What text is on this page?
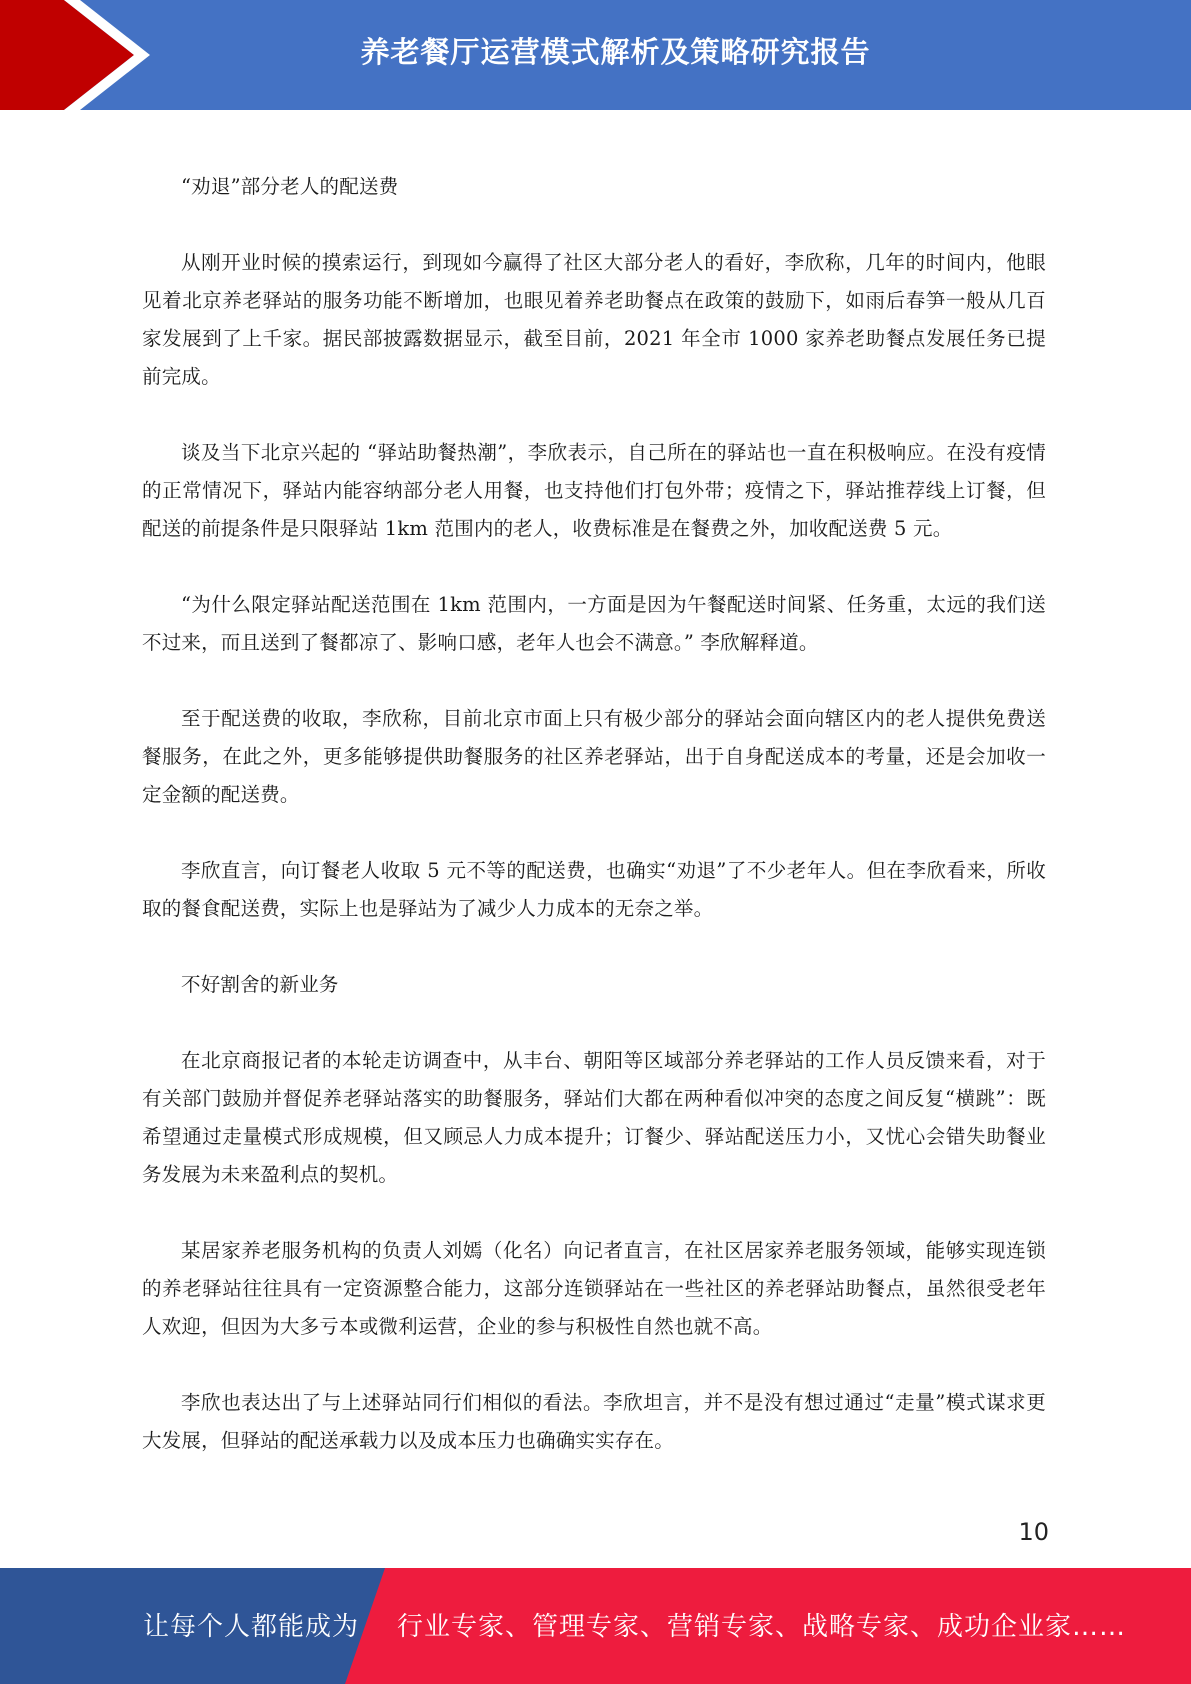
养老餐厅运营模式解析及策略研究报告

“劝退”部分老人的配送费

从刚开业时候的摸索运行，到现如今赢得了社区大部分老人的看好，李欣称，几年的时间内，他眼见着北京养老驿站的服务功能不断增加，也眼见着养老助餐点在政策的鼓励下，如雨后春笋一般从几百家发展到了上千家。据民部披露数据显示，截至目前，2021 年全市 1000 家养老助餐点发展任务已提前完成。

谈及当下北京兴起的 “驿站助餐热潮”，李欣表示，自己所在的驿站也一直在积极响应。在没有疫情的正常情况下，驿站内能容纳部分老人用餐，也支持他们打包外带；疫情之下，驿站推荐线上订餐，但配送的前提条件是只限驿站 1km 范围内的老人，收费标准是在餐费之外，加收配送费 5 元。

“为什么限定驿站配送范围在 1km 范围内，一方面是因为午餐配送时间紧、任务重，太远的我们送不过来，而且送到了餐都凉了、影响口感，老年人也会不满意。” 李欣解释道。

至于配送费的收取，李欣称，目前北京市面上只有极少部分的驿站会面向辖区内的老人提供免费送餐服务，在此之外，更多能够提供助餐服务的社区养老驿站，出于自身配送成本的考量，还是会加收一定金额的配送费。

李欣直言，向订餐老人收取 5 元不等的配送费，也确实“劝退”了不少老年人。但在李欣看来，所收取的餐食配送费，实际上也是驿站为了减少人力成本的无奈之举。

不好割舍的新业务

在北京商报记者的本轮走访调查中，从丰台、朝阳等区域部分养老驿站的工作人员反馈来看，对于有关部门鼓励并督促养老驿站落实的助餐服务，驿站们大都在两种看似冲突的态度之间反复“横跳”：既希望通过走量模式形成规模，但又顾忌人力成本提升；订餐少、驿站配送压力小，又忧心会错失助餐业务发展为未来盈利点的契机。

某居家养老服务机构的负责人刘嫣（化名）向记者直言，在社区居家养老服务领域，能够实现连锁的养老驿站往往具有一定资源整合能力，这部分连锁驿站在一些社区的养老驿站助餐点，虽然很受老年人欢迎，但因为大多亏本或微利运营，企业的参与积极性自然也就不高。

李欣也表达出了与上述驿站同行们相似的看法。李欣坦言，并不是没有想过通过“走量”模式谋求更大发展，但驿站的配送承载力以及成本压力也确确实实存在。

10
让每个人都能成为 行业专家、管理专家、营销专家、战略专家、成功企业家……
